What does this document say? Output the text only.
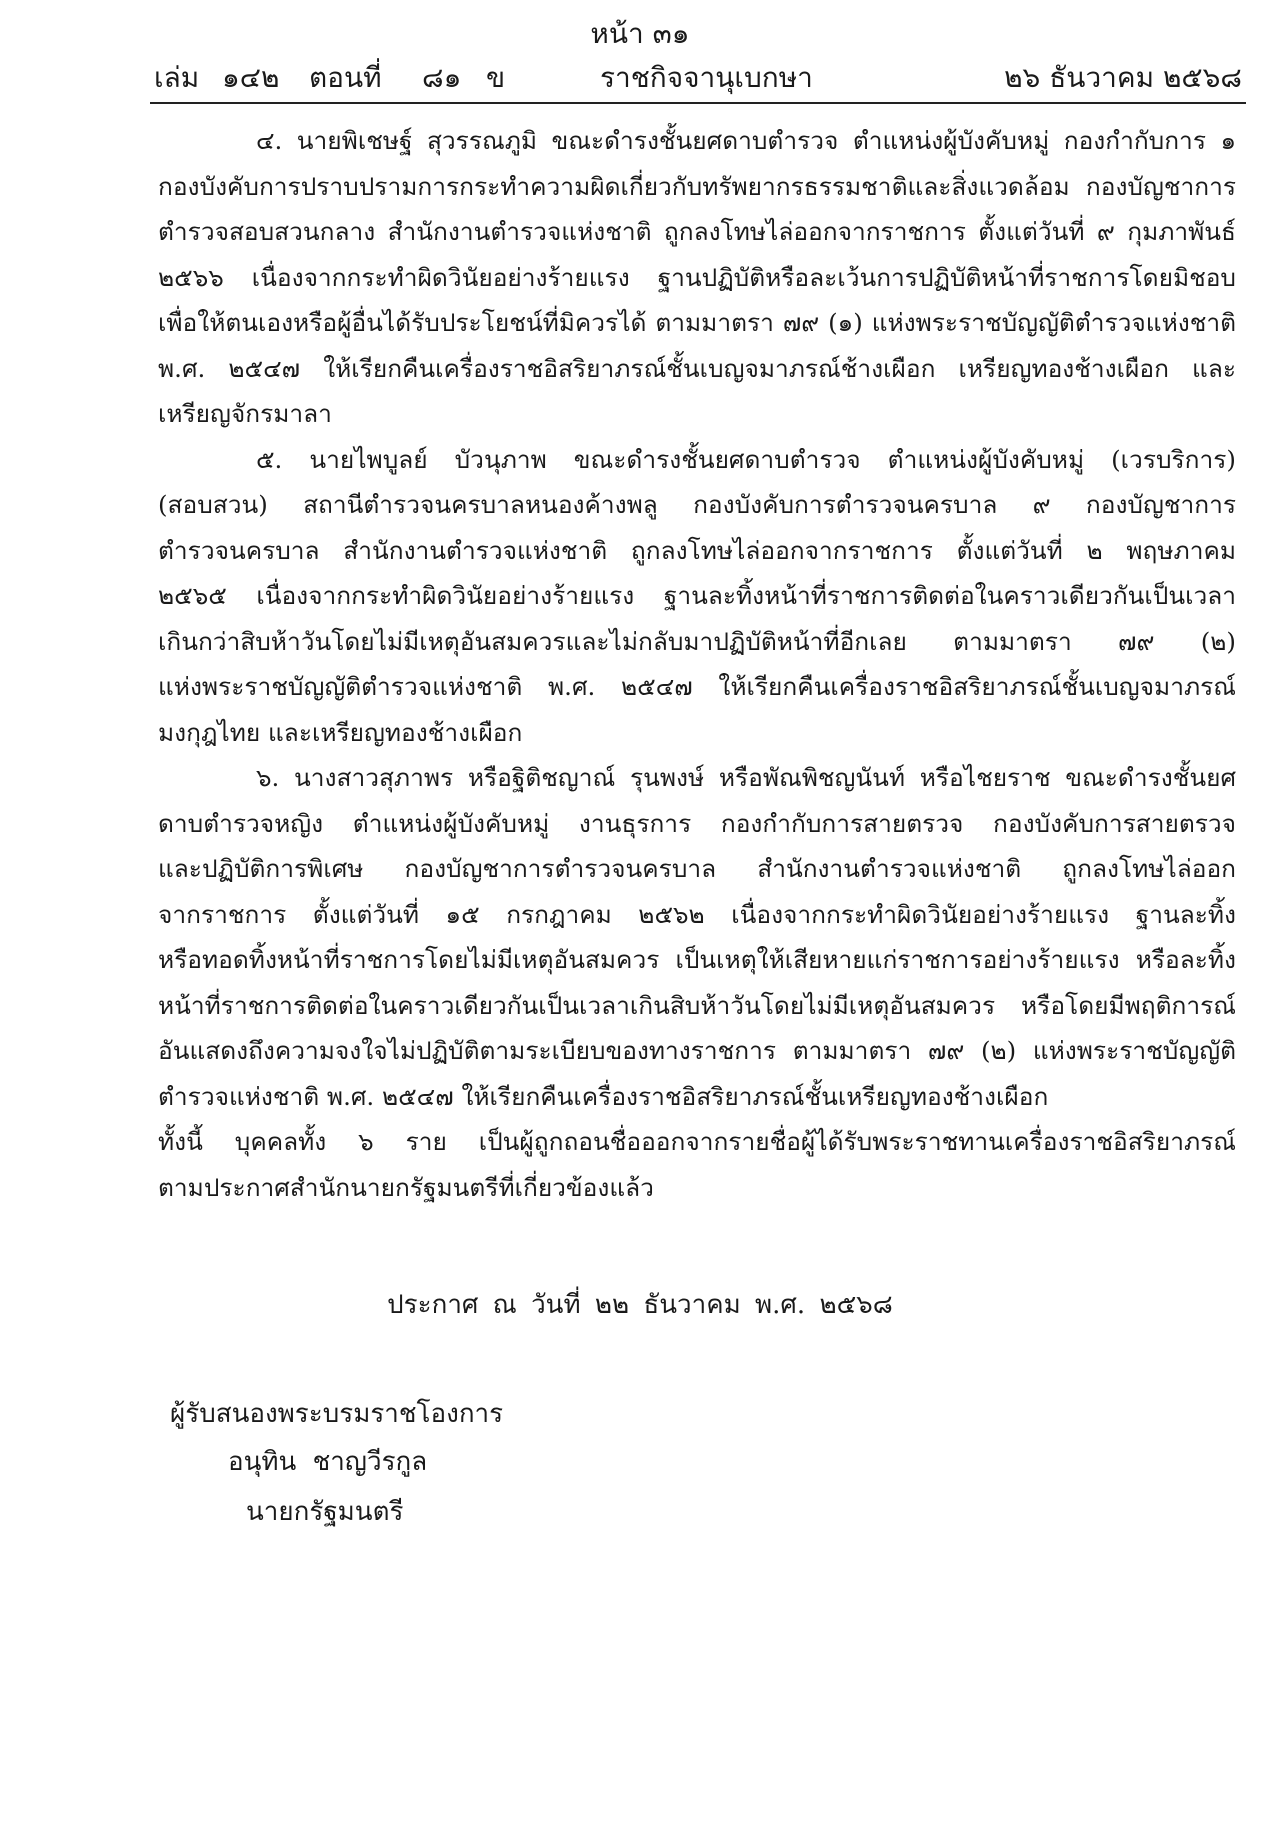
หน้า ๓๑
เล่ม ๑๔๒ ตอนที่ ๘๑ ข	ราชกิจจานุเบกษา	๒๖ ธันวาคม ๒๕๖๘
๔. นายพิเชษฐ์ สุวรรณภูมิ ขณะดำรงชั้นยศดาบตำรวจ ตำแหน่งผู้บังคับหมู่ กองกำกับการ ๑
กองบังคับการปราบปรามการกระทำความผิดเกี่ยวกับทรัพยากรธรรมชาติและสิ่งแวดล้อม กองบัญชาการ
ตำรวจสอบสวนกลาง สำนักงานตำรวจแห่งชาติ ถูกลงโทษไล่ออกจากราชการ ตั้งแต่วันที่ ๙ กุมภาพันธ์
๒๕๖๖ เนื่องจากกระทำผิดวินัยอย่างร้ายแรง ฐานปฏิบัติหรือละเว้นการปฏิบัติหน้าที่ราชการโดยมิชอบ
เพื่อให้ตนเองหรือผู้อื่นได้รับประโยชน์ที่มิควรได้ ตามมาตรา ๗๙ (๑) แห่งพระราชบัญญัติตำรวจแห่งชาติ
พ.ศ. ๒๕๔๗ ให้เรียกคืนเครื่องราชอิสริยาภรณ์ชั้นเบญจมาภรณ์ช้างเผือก เหรียญทองช้างเผือก และ
เหรียญจักรมาลา
๕. นายไพบูลย์ บัวนุภาพ ขณะดำรงชั้นยศดาบตำรวจ ตำแหน่งผู้บังคับหมู่ (เวรบริการ)
(สอบสวน) สถานีตำรวจนครบาลหนองค้างพลู กองบังคับการตำรวจนครบาล ๙ กองบัญชาการ
ตำรวจนครบาล สำนักงานตำรวจแห่งชาติ ถูกลงโทษไล่ออกจากราชการ ตั้งแต่วันที่ ๒ พฤษภาคม
๒๕๖๕ เนื่องจากกระทำผิดวินัยอย่างร้ายแรง ฐานละทิ้งหน้าที่ราชการติดต่อในคราวเดียวกันเป็นเวลา
เกินกว่าสิบห้าวันโดยไม่มีเหตุอันสมควรและไม่กลับมาปฏิบัติหน้าที่อีกเลย ตามมาตรา ๗๙ (๒)
แห่งพระราชบัญญัติตำรวจแห่งชาติ พ.ศ. ๒๕๔๗ ให้เรียกคืนเครื่องราชอิสริยาภรณ์ชั้นเบญจมาภรณ์
มงกุฎไทย และเหรียญทองช้างเผือก
๖. นางสาวสุภาพร หรือฐิติชญาณ์ รุนพงษ์ หรือพัณพิชญนันท์ หรือไชยราช ขณะดำรงชั้นยศ
ดาบตำรวจหญิง ตำแหน่งผู้บังคับหมู่ งานธุรการ กองกำกับการสายตรวจ กองบังคับการสายตรวจ
และปฏิบัติการพิเศษ กองบัญชาการตำรวจนครบาล สำนักงานตำรวจแห่งชาติ ถูกลงโทษไล่ออก
จากราชการ ตั้งแต่วันที่ ๑๕ กรกฎาคม ๒๕๖๒ เนื่องจากกระทำผิดวินัยอย่างร้ายแรง ฐานละทิ้ง
หรือทอดทิ้งหน้าที่ราชการโดยไม่มีเหตุอันสมควร เป็นเหตุให้เสียหายแก่ราชการอย่างร้ายแรง หรือละทิ้ง
หน้าที่ราชการติดต่อในคราวเดียวกันเป็นเวลาเกินสิบห้าวันโดยไม่มีเหตุอันสมควร หรือโดยมีพฤติการณ์
อันแสดงถึงความจงใจไม่ปฏิบัติตามระเบียบของทางราชการ ตามมาตรา ๗๙ (๒) แห่งพระราชบัญญัติ
ตำรวจแห่งชาติ พ.ศ. ๒๕๔๗ ให้เรียกคืนเครื่องราชอิสริยาภรณ์ชั้นเหรียญทองช้างเผือก
ทั้งนี้ บุคคลทั้ง ๖ ราย เป็นผู้ถูกถอนชื่อออกจากรายชื่อผู้ได้รับพระราชทานเครื่องราชอิสริยาภรณ์
ตามประกาศสำนักนายกรัฐมนตรีที่เกี่ยวข้องแล้ว
ประกาศ ณ วันที่ ๒๒ ธันวาคม พ.ศ. ๒๕๖๘
ผู้รับสนองพระบรมราชโองการ
อนุทิน ชาญวีรกูล
นายกรัฐมนตรี
